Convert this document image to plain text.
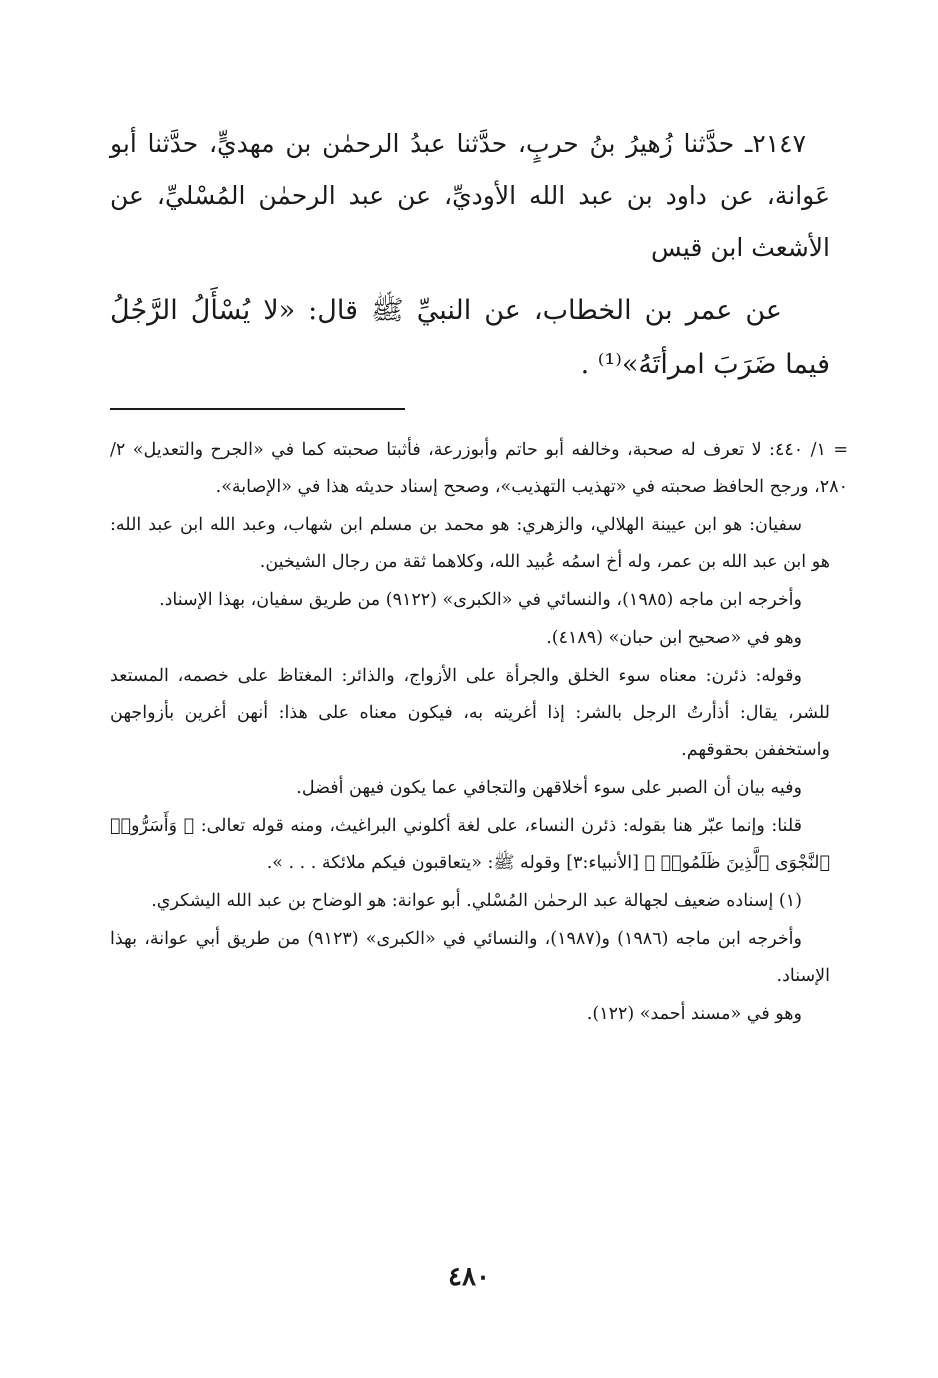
٢١٤٧ـ حدَّثنا زُهيرُ بنُ حربٍ، حدَّثنا عبدُ الرحمٰن بن مهديٍّ، حدَّثنا أبو عَوانة، عن داود بن عبد الله الأوديِّ، عن عبد الرحمٰن المُسْليِّ، عن الأشعث ابن قيس

عن عمر بن الخطاب، عن النبيِّ ﷺ قال: «لا يُسْأَلُ الرَّجُلُ فيما ضَرَبَ امرأتَهُ»⁽¹⁾ .

= ١/ ٤٤٠: لا تعرف له صحبة، وخالفه أبو حاتم وأبوزرعة، فأثبتا صحبته كما في «الجرح والتعديل» ٢/ ٢٨٠، ورجح الحافظ صحبته في «تهذيب التهذيب»، وصحح إسناد حديثه هذا في «الإصابة».

سفيان: هو ابن عيينة الهلالي، والزهري: هو محمد بن مسلم ابن شهاب، وعبد الله ابن عبد الله: هو ابن عبد الله بن عمر، وله أخ اسمُه عُبيد الله، وكلاهما ثقة من رجال الشيخين.

وأخرجه ابن ماجه (١٩٨٥)، والنسائي في «الكبرى» (٩١٢٢) من طريق سفيان، بهذا الإسناد.

وهو في «صحيح ابن حبان» (٤١٨٩).

وقوله: ذئرن: معناه سوء الخلق والجرأة على الأزواج، والذائر: المغتاظ على خصمه، المستعد للشر، يقال: أذأرتُ الرجل بالشر: إذا أغريته به، فيكون معناه على هذا: أنهن أغرين بأزواجهن واستخففن بحقوقهم.

وفيه بيان أن الصبر على سوء أخلاقهن والتجافي عما يكون فيهن أفضل.

قلنا: وإنما عبّر هنا بقوله: ذئرن النساء، على لغة أكلوني البراغيث، ومنه قوله تعالى: ﴿ وَأَسَرُّوا۟ ٱلنَّجْوَى ٱلَّذِينَ ظَلَمُوا۟ ﴾ [الأنبياء:٣] وقوله ﷺ: «يتعاقبون فيكم ملائكة . . . ».

(١) إسناده ضعيف لجهالة عبد الرحمٰن المُسْلي. أبو عوانة: هو الوضاح بن عبد الله اليشكري.

وأخرجه ابن ماجه (١٩٨٦) و(١٩٨٧)، والنسائي في «الكبرى» (٩١٢٣) من طريق أبي عوانة، بهذا الإسناد.

وهو في «مسند أحمد» (١٢٢).

٤٨٠
